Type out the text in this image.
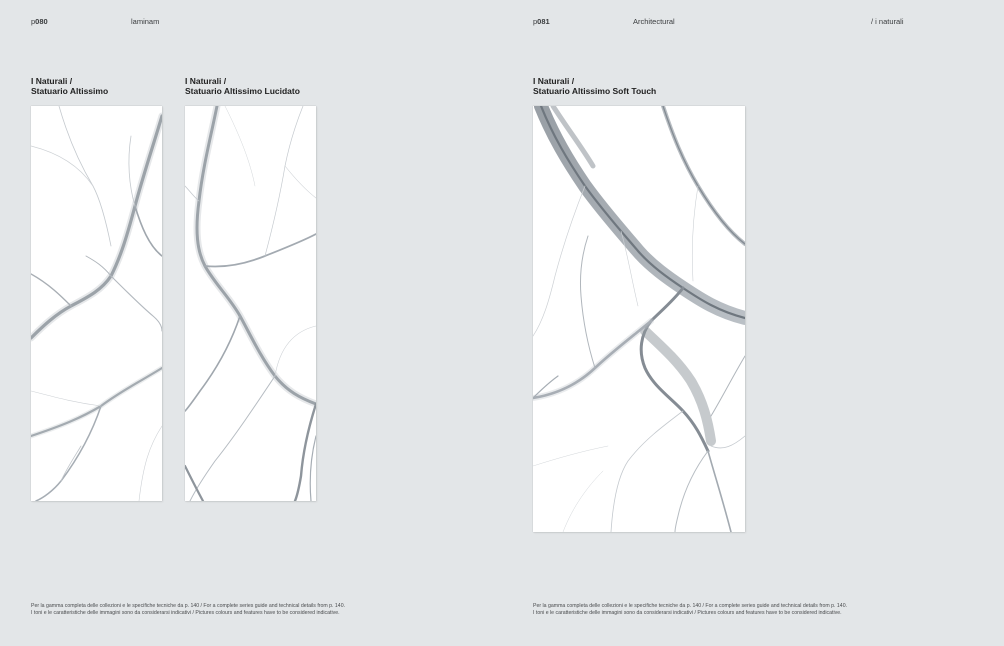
p080	laminam
I Naturali /
Statuario Altissimo
I Naturali /
Statuario Altissimo Lucidato
Per la gamma completa delle collezioni e le specifiche tecniche da p. 140 / For a complete series guide and technical details from p. 140.
I toni e le caratteristiche delle immagini sono da considerarsi indicativi / Pictures colours and features have to be considered indicative.
p081	Architectural	/ i naturali
I Naturali /
Statuario Altissimo Soft Touch
Per la gamma completa delle collezioni e le specifiche tecniche da p. 140 / For a complete series guide and technical details from p. 140.
I toni e le caratteristiche delle immagini sono da considerarsi indicativi / Pictures colours and features have to be considered indicative.
